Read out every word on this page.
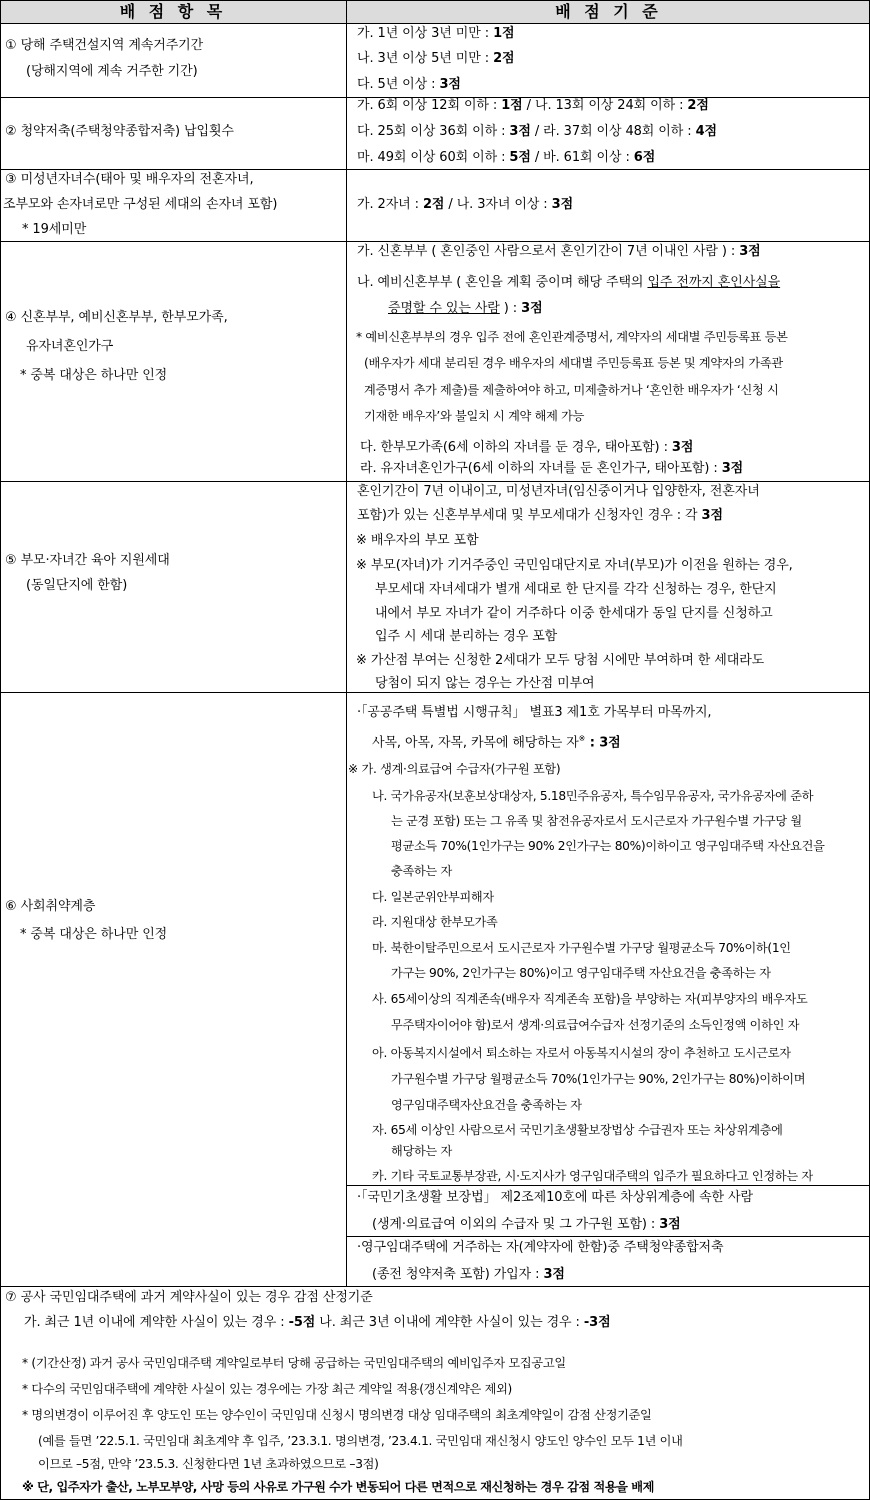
배 점 항 목	배 점 기 준
① 당해 주택건설지역 계속거주기간
(당해지역에 계속 거주한 기간)
가. 1년 이상 3년 미만 : 1점
나. 3년 이상 5년 미만 : 2점
다. 5년 이상 : 3점
② 청약저축(주택청약종합저축) 납입횟수
가. 6회 이상 12회 이하 : 1점 / 나. 13회 이상 24회 이하 : 2점
다. 25회 이상 36회 이하 : 3점 / 라. 37회 이상 48회 이하 : 4점
마. 49회 이상 60회 이하 : 5점 / 바. 61회 이상 : 6점
③ 미성년자녀수(태아 및 배우자의 전혼자녀,
조부모와 손자녀로만 구성된 세대의 손자녀 포함)
* 19세미만
가. 2자녀 : 2점 / 나. 3자녀 이상 : 3점
④ 신혼부부, 예비신혼부부, 한부모가족,
유자녀혼인가구
* 중복 대상은 하나만 인정
가. 신혼부부 ( 혼인중인 사람으로서 혼인기간이 7년 이내인 사람 ) : 3점
나. 예비신혼부부 ( 혼인을 계획 중이며 해당 주택의 입주 전까지 혼인사실을
증명할 수 있는 사람 ) : 3점
* 예비신혼부부의 경우 입주 전에 혼인관계증명서, 계약자의 세대별 주민등록표 등본
(배우자가 세대 분리된 경우 배우자의 세대별 주민등록표 등본 및 계약자의 가족관
계증명서 추가 제출)를 제출하여야 하고, 미제출하거나 ‘혼인한 배우자가 ‘신청 시
기재한 배우자’와 불일치 시 계약 해제 가능
다. 한부모가족(6세 이하의 자녀를 둔 경우, 태아포함) : 3점
라. 유자녀혼인가구(6세 이하의 자녀를 둔 혼인가구, 태아포함) : 3점
⑤ 부모·자녀간 육아 지원세대
(동일단지에 한함)
혼인기간이 7년 이내이고, 미성년자녀(임신중이거나 입양한자, 전혼자녀
포함)가 있는 신혼부부세대 및 부모세대가 신청자인 경우 : 각 3점
※ 배우자의 부모 포함
※ 부모(자녀)가 기거주중인 국민임대단지로 자녀(부모)가 이전을 원하는 경우,
부모세대 자녀세대가 별개 세대로 한 단지를 각각 신청하는 경우, 한단지
내에서 부모 자녀가 같이 거주하다 이중 한세대가 동일 단지를 신청하고
입주 시 세대 분리하는 경우 포함
※ 가산점 부여는 신청한 2세대가 모두 당첨 시에만 부여하며 한 세대라도
당첨이 되지 않는 경우는 가산점 미부여
⑥ 사회취약계층
* 중복 대상은 하나만 인정
·「공공주택 특별법 시행규칙」 별표3 제1호 가목부터 마목까지,
사목, 아목, 자목, 카목에 해당하는 자※ : 3점
※ 가. 생계·의료급여 수급자(가구원 포함)
나. 국가유공자(보훈보상대상자, 5.18민주유공자, 특수임무유공자, 국가유공자에 준하
는 군경 포함) 또는 그 유족 및 참전유공자로서 도시근로자 가구원수별 가구당 월
평균소득 70%(1인가구는 90% 2인가구는 80%)이하이고 영구임대주택 자산요건을
충족하는 자
다. 일본군위안부피해자
라. 지원대상 한부모가족
마. 북한이탈주민으로서 도시근로자 가구원수별 가구당 월평균소득 70%이하(1인
가구는 90%, 2인가구는 80%)이고 영구임대주택 자산요건을 충족하는 자
사. 65세이상의 직계존속(배우자 직계존속 포함)을 부양하는 자(피부양자의 배우자도
무주택자이어야 함)로서 생계·의료급여수급자 선정기준의 소득인정액 이하인 자
아. 아동복지시설에서 퇴소하는 자로서 아동복지시설의 장이 추천하고 도시근로자
가구원수별 가구당 월평균소득 70%(1인가구는 90%, 2인가구는 80%)이하이며
영구임대주택자산요건을 충족하는 자
자. 65세 이상인 사람으로서 국민기초생활보장법상 수급권자 또는 차상위계층에
해당하는 자
카. 기타 국토교통부장관, 시·도지사가 영구임대주택의 입주가 필요하다고 인정하는 자
·「국민기초생활 보장법」 제2조제10호에 따른 차상위계층에 속한 사람
(생계·의료급여 이외의 수급자 및 그 가구원 포함) : 3점
·영구임대주택에 거주하는 자(계약자에 한함)중 주택청약종합저축
(종전 청약저축 포함) 가입자 : 3점
⑦ 공사 국민임대주택에 과거 계약사실이 있는 경우 감점 산정기준
가. 최근 1년 이내에 계약한 사실이 있는 경우 : -5점 나. 최근 3년 이내에 계약한 사실이 있는 경우 : -3점
* (기간산정) 과거 공사 국민임대주택 계약일로부터 당해 공급하는 국민임대주택의 예비입주자 모집공고일
* 다수의 국민임대주택에 계약한 사실이 있는 경우에는 가장 최근 계약일 적용(갱신계약은 제외)
* 명의변경이 이루어진 후 양도인 또는 양수인이 국민임대 신청시 명의변경 대상 임대주택의 최초계약일이 감점 산정기준일
(예를 들면 ’22.5.1. 국민임대 최초계약 후 입주, ’23.3.1. 명의변경, ’23.4.1. 국민임대 재신청시 양도인 양수인 모두 1년 이내
이므로 –5점, 만약 ’23.5.3. 신청한다면 1년 초과하였으므로 –3점)
※ 단, 입주자가 출산, 노부모부양, 사망 등의 사유로 가구원 수가 변동되어 다른 면적으로 재신청하는 경우 감점 적용을 배제
